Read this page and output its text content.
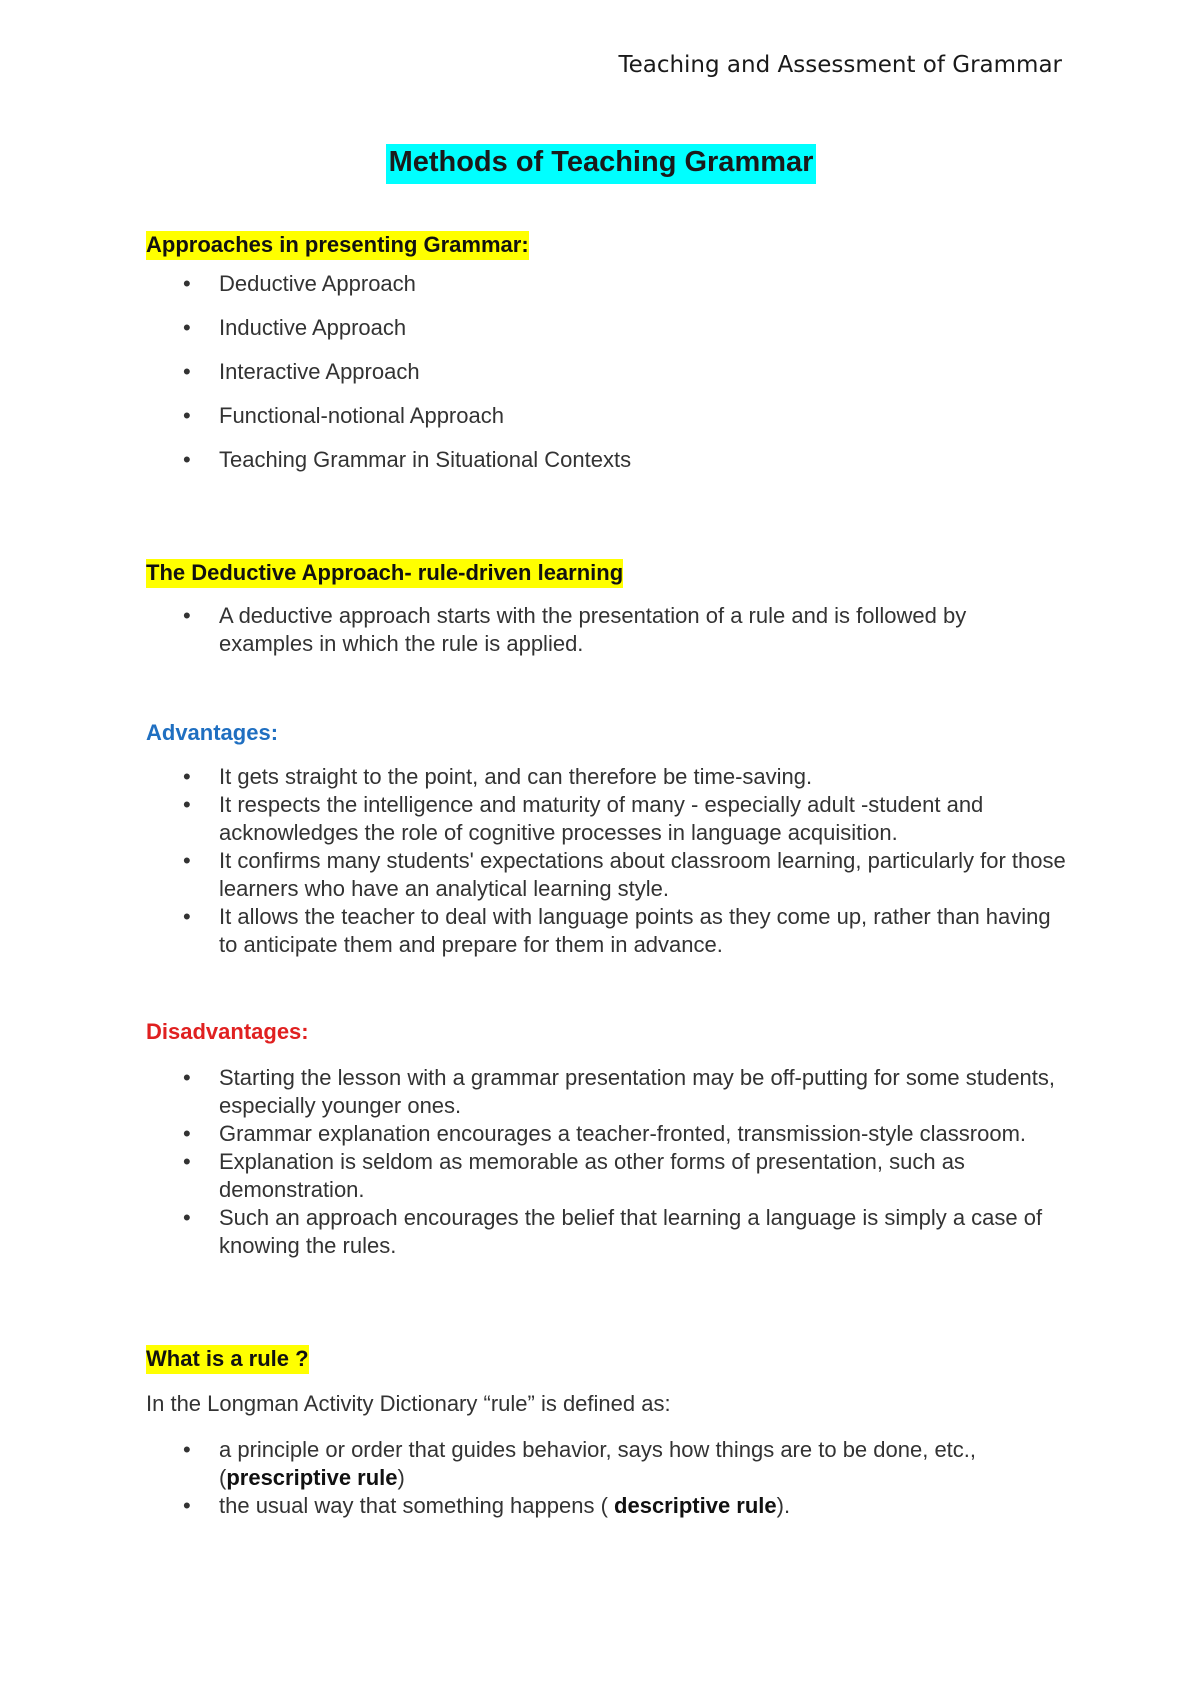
Teaching and Assessment of Grammar
Methods of Teaching Grammar
Approaches in presenting Grammar:
• Deductive Approach
• Inductive Approach
• Interactive Approach
• Functional-notional Approach
• Teaching Grammar in Situational Contexts
The Deductive Approach- rule-driven learning
• A deductive approach starts with the presentation of a rule and is followed by examples in which the rule is applied.
Advantages:
• It gets straight to the point, and can therefore be time-saving.
• It respects the intelligence and maturity of many - especially adult -student and acknowledges the role of cognitive processes in language acquisition.
• It confirms many students' expectations about classroom learning, particularly for those learners who have an analytical learning style.
• It allows the teacher to deal with language points as they come up, rather than having to anticipate them and prepare for them in advance.
Disadvantages:
• Starting the lesson with a grammar presentation may be off-putting for some students, especially younger ones.
• Grammar explanation encourages a teacher-fronted, transmission-style classroom.
• Explanation is seldom as memorable as other forms of presentation, such as demonstration.
• Such an approach encourages the belief that learning a language is simply a case of knowing the rules.
What is a rule ?
In the Longman Activity Dictionary “rule” is defined as:
• a principle or order that guides behavior, says how things are to be done, etc., (prescriptive rule)
• the usual way that something happens ( descriptive rule).
